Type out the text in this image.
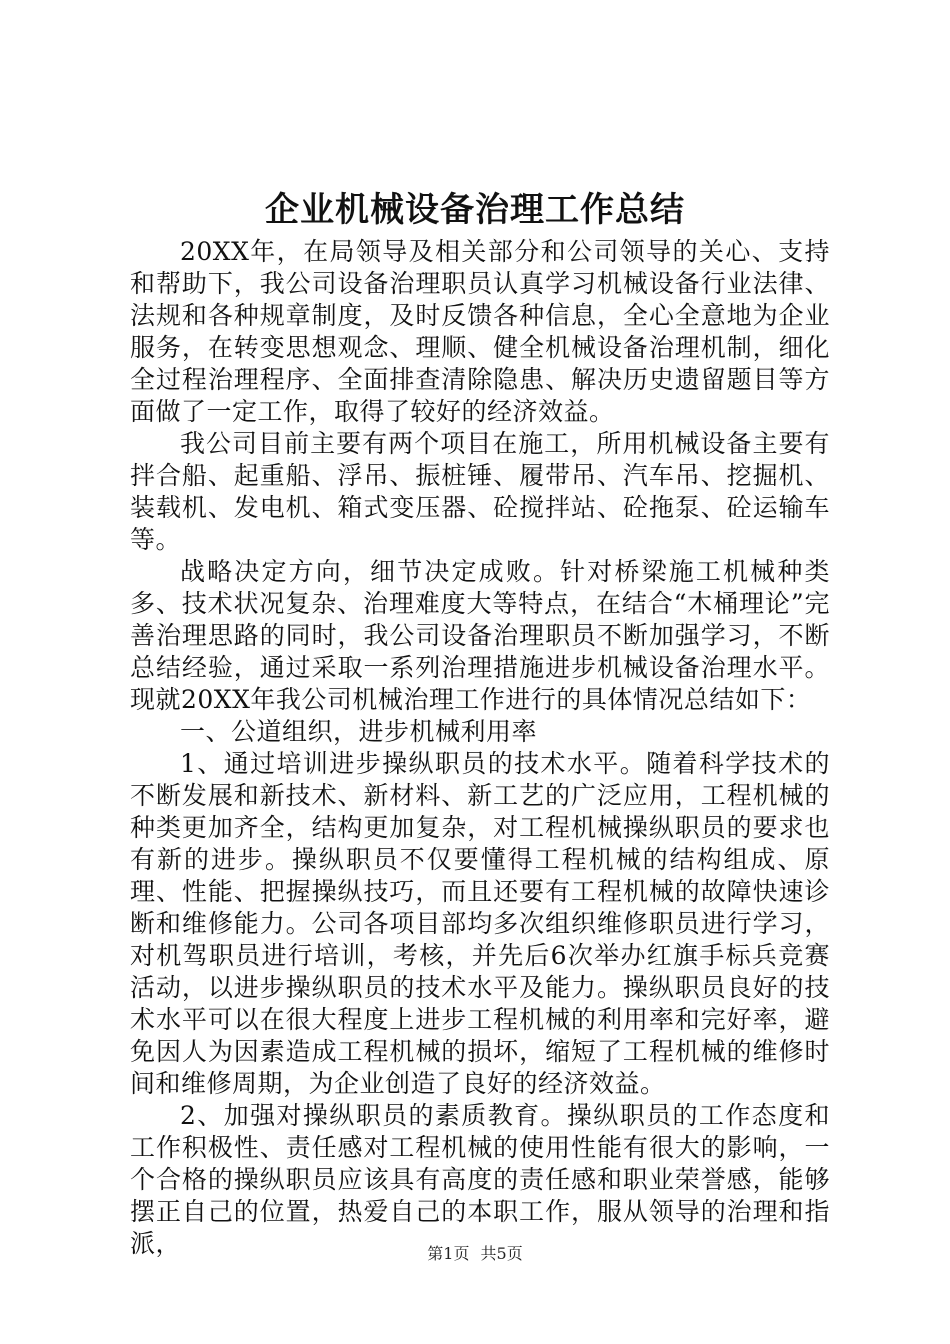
企业机械设备治理工作总结

20XX年，在局领导及相关部分和公司领导的关心、支持和帮助下，我公司设备治理职员认真学习机械设备行业法律、法规和各种规章制度，及时反馈各种信息，全心全意地为企业服务，在转变思想观念、理顺、健全机械设备治理机制，细化全过程治理程序、全面排查清除隐患、解决历史遗留题目等方面做了一定工作，取得了较好的经济效益。

我公司目前主要有两个项目在施工，所用机械设备主要有拌合船、起重船、浮吊、振桩锤、履带吊、汽车吊、挖掘机、装载机、发电机、箱式变压器、砼搅拌站、砼拖泵、砼运输车等。

战略决定方向，细节决定成败。针对桥梁施工机械种类多、技术状况复杂、治理难度大等特点，在结合“木桶理论”完善治理思路的同时，我公司设备治理职员不断加强学习，不断总结经验，通过采取一系列治理措施进步机械设备治理水平。现就20XX年我公司机械治理工作进行的具体情况总结如下：

一、公道组织，进步机械利用率

1、通过培训进步操纵职员的技术水平。随着科学技术的不断发展和新技术、新材料、新工艺的广泛应用，工程机械的种类更加齐全，结构更加复杂，对工程机械操纵职员的要求也有新的进步。操纵职员不仅要懂得工程机械的结构组成、原理、性能、把握操纵技巧，而且还要有工程机械的故障快速诊断和维修能力。公司各项目部均多次组织维修职员进行学习，对机驾职员进行培训，考核，并先后6次举办红旗手标兵竞赛活动，以进步操纵职员的技术水平及能力。操纵职员良好的技术水平可以在很大程度上进步工程机械的利用率和完好率，避免因人为因素造成工程机械的损坏，缩短了工程机械的维修时间和维修周期，为企业创造了良好的经济效益。

2、加强对操纵职员的素质教育。操纵职员的工作态度和工作积极性、责任感对工程机械的使用性能有很大的影响，一个合格的操纵职员应该具有高度的责任感和职业荣誉感，能够摆正自己的位置，热爱自己的本职工作，服从领导的治理和指派，	第1页 共5页
